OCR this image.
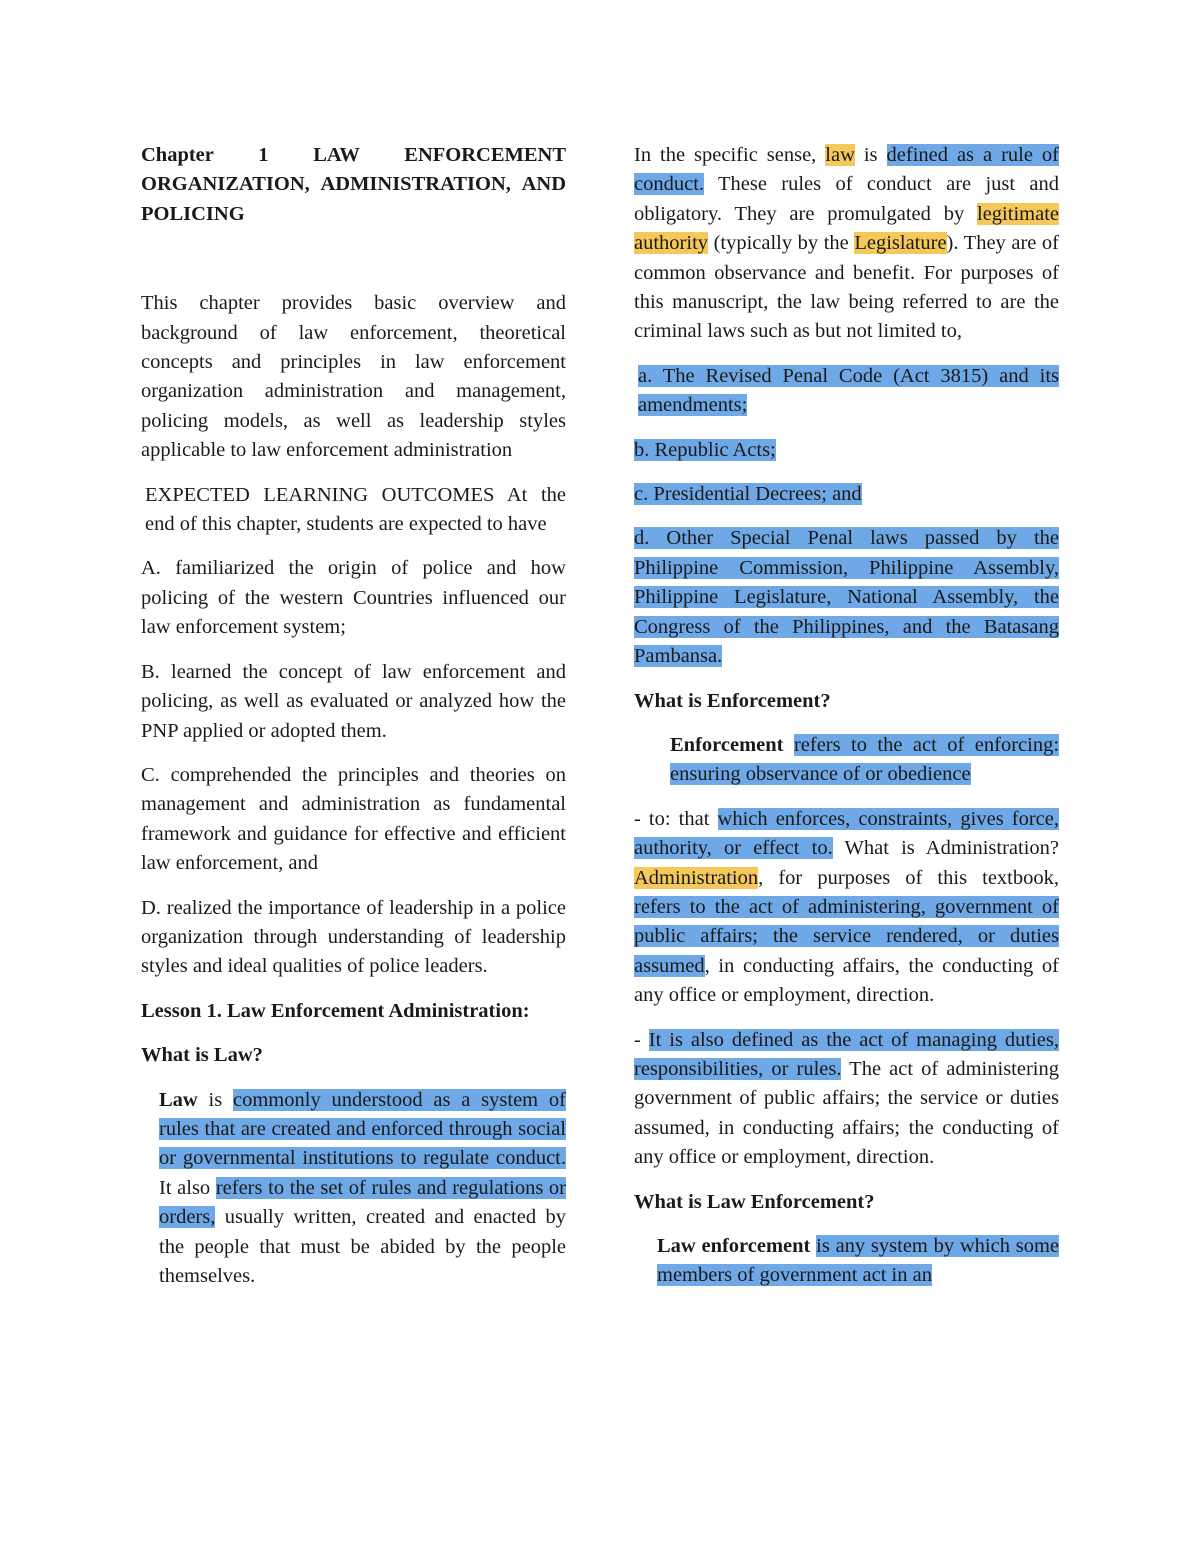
Chapter 1 LAW ENFORCEMENT ORGANIZATION, ADMINISTRATION, AND POLICING

This chapter provides basic overview and background of law enforcement, theoretical concepts and principles in law enforcement organization administration and management, policing models, as well as leadership styles applicable to law enforcement administration

EXPECTED LEARNING OUTCOMES At the end of this chapter, students are expected to have

A. familiarized the origin of police and how policing of the western Countries influenced our law enforcement system;

B. learned the concept of law enforcement and policing, as well as evaluated or analyzed how the PNP applied or adopted them.

C. comprehended the principles and theories on management and administration as fundamental framework and guidance for effective and efficient law enforcement, and

D. realized the importance of leadership in a police organization through understanding of leadership styles and ideal qualities of police leaders.

Lesson 1. Law Enforcement Administration:

What is Law?

Law is commonly understood as a system of rules that are created and enforced through social or governmental institutions to regulate conduct. It also refers to the set of rules and regulations or orders, usually written, created and enacted by the people that must be abided by the people themselves.

In the specific sense, law is defined as a rule of conduct. These rules of conduct are just and obligatory. They are promulgated by legitimate authority (typically by the Legislature). They are of common observance and benefit. For purposes of this manuscript, the law being referred to are the criminal laws such as but not limited to,

a. The Revised Penal Code (Act 3815) and its amendments;

b. Republic Acts;

c. Presidential Decrees; and

d. Other Special Penal laws passed by the Philippine Commission, Philippine Assembly, Philippine Legislature, National Assembly, the Congress of the Philippines, and the Batasang Pambansa.

What is Enforcement?

Enforcement refers to the act of enforcing: ensuring observance of or obedience

- to: that which enforces, constraints, gives force, authority, or effect to. What is Administration? Administration, for purposes of this textbook, refers to the act of administering, government of public affairs; the service rendered, or duties assumed, in conducting affairs, the conducting of any office or employment, direction.

- It is also defined as the act of managing duties, responsibilities, or rules. The act of administering government of public affairs; the service or duties assumed, in conducting affairs; the conducting of any office or employment, direction.

What is Law Enforcement?

Law enforcement is any system by which some members of government act in an
